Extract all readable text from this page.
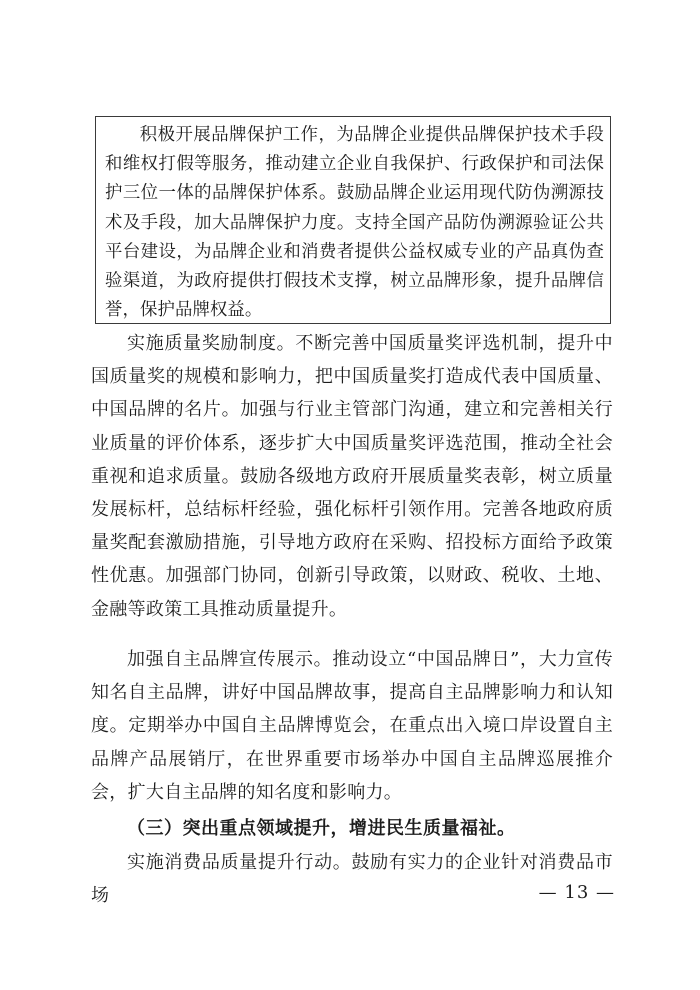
积极开展品牌保护工作，为品牌企业提供品牌保护技术手段和维权打假等服务，推动建立企业自我保护、行政保护和司法保护三位一体的品牌保护体系。鼓励品牌企业运用现代防伪溯源技术及手段，加大品牌保护力度。支持全国产品防伪溯源验证公共平台建设，为品牌企业和消费者提供公益权威专业的产品真伪查验渠道，为政府提供打假技术支撑，树立品牌形象，提升品牌信誉，保护品牌权益。

实施质量奖励制度。不断完善中国质量奖评选机制，提升中国质量奖的规模和影响力，把中国质量奖打造成代表中国质量、中国品牌的名片。加强与行业主管部门沟通，建立和完善相关行业质量的评价体系，逐步扩大中国质量奖评选范围，推动全社会重视和追求质量。鼓励各级地方政府开展质量奖表彰，树立质量发展标杆，总结标杆经验，强化标杆引领作用。完善各地政府质量奖配套激励措施，引导地方政府在采购、招投标方面给予政策性优惠。加强部门协同，创新引导政策，以财政、税收、土地、金融等政策工具推动质量提升。

加强自主品牌宣传展示。推动设立“中国品牌日”，大力宣传知名自主品牌，讲好中国品牌故事，提高自主品牌影响力和认知度。定期举办中国自主品牌博览会，在重点出入境口岸设置自主品牌产品展销厅，在世界重要市场举办中国自主品牌巡展推介会，扩大自主品牌的知名度和影响力。

（三）突出重点领域提升，增进民生质量福祉。

实施消费品质量提升行动。鼓励有实力的企业针对消费品市场	— 13 —
